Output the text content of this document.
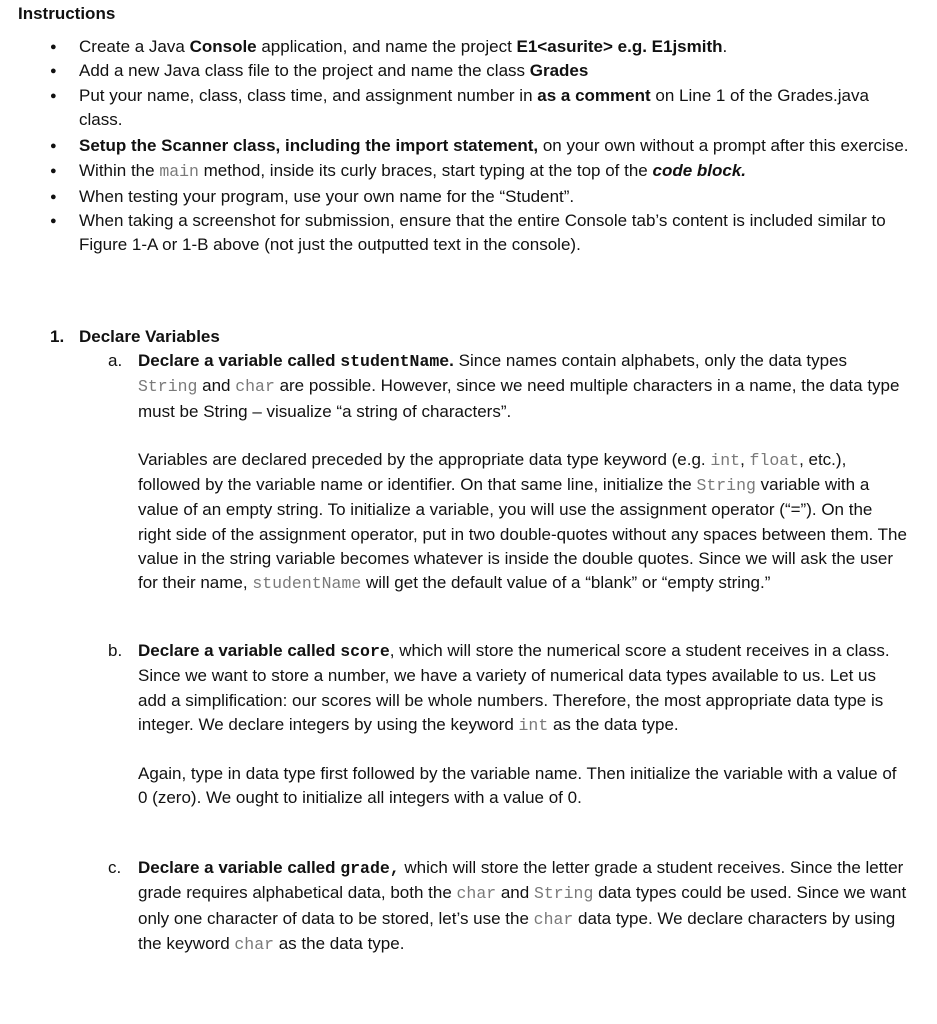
Instructions
● Create a Java Console application, and name the project E1<asurite> e.g. E1jsmith.
● Add a new Java class file to the project and name the class Grades
● Put your name, class, class time, and assignment number in as a comment on Line 1 of the Grades.java class.
● Setup the Scanner class, including the import statement, on your own without a prompt after this exercise.
● Within the main method, inside its curly braces, start typing at the top of the code block.
● When testing your program, use your own name for the “Student”.
● When taking a screenshot for submission, ensure that the entire Console tab’s content is included similar to Figure 1-A or 1-B above (not just the outputted text in the console).
1. Declare Variables
a. Declare a variable called studentName. Since names contain alphabets, only the data types String and char are possible. However, since we need multiple characters in a name, the data type must be String – visualize “a string of characters”.

Variables are declared preceded by the appropriate data type keyword (e.g. int, float, etc.), followed by the variable name or identifier. On that same line, initialize the String variable with a value of an empty string. To initialize a variable, you will use the assignment operator (“=”). On the right side of the assignment operator, put in two double-quotes without any spaces between them. The value in the string variable becomes whatever is inside the double quotes. Since we will ask the user for their name, studentName will get the default value of a “blank” or “empty string.”

b. Declare a variable called score, which will store the numerical score a student receives in a class. Since we want to store a number, we have a variety of numerical data types available to us. Let us add a simplification: our scores will be whole numbers. Therefore, the most appropriate data type is integer. We declare integers by using the keyword int as the data type.

Again, type in data type first followed by the variable name. Then initialize the variable with a value of 0 (zero). We ought to initialize all integers with a value of 0.

c. Declare a variable called grade, which will store the letter grade a student receives. Since the letter grade requires alphabetical data, both the char and String data types could be used. Since we want only one character of data to be stored, let’s use the char data type. We declare characters by using the keyword char as the data type.
